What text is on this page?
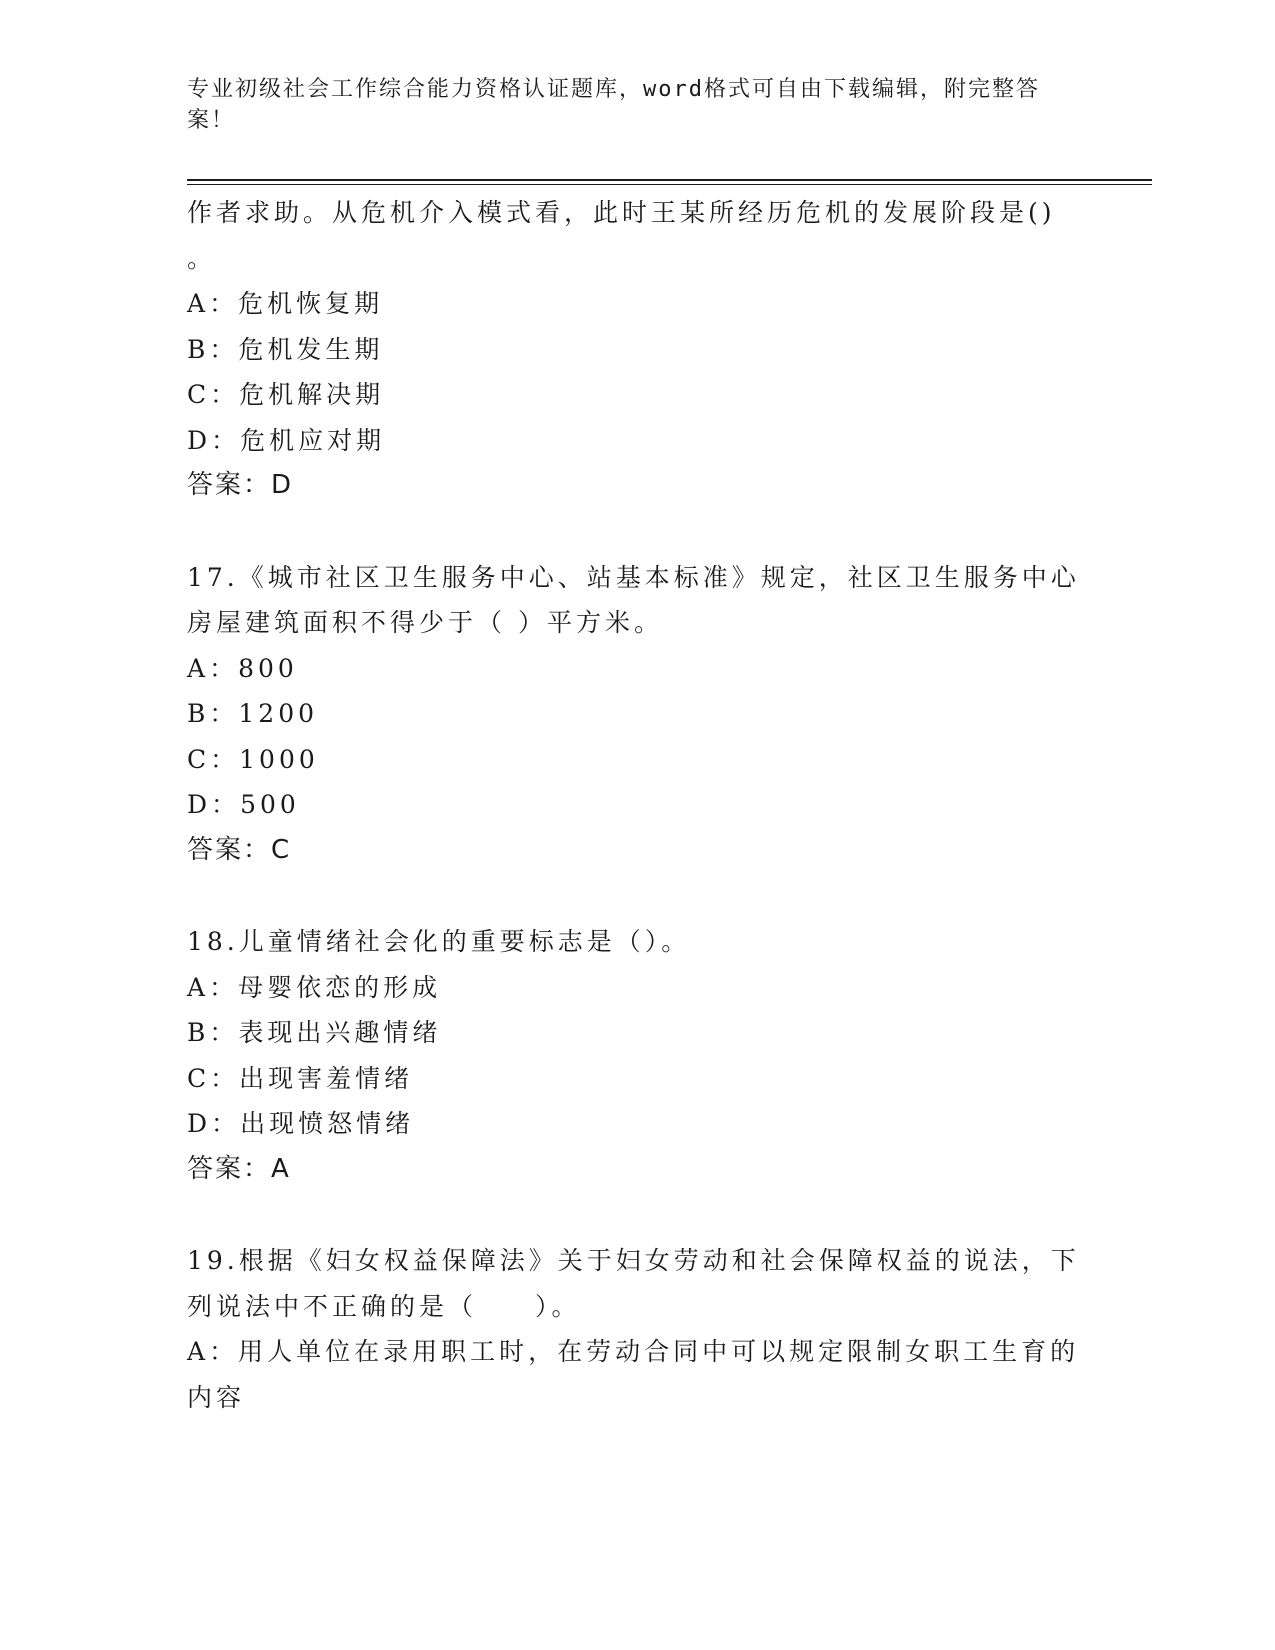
专业初级社会工作综合能力资格认证题库，word格式可自由下载编辑，附完整答案！
作者求助。从危机介入模式看，此时王某所经历危机的发展阶段是()
。
A：危机恢复期
B：危机发生期
C：危机解决期
D：危机应对期
答案：D
17.《城市社区卫生服务中心、站基本标准》规定，社区卫生服务中心
房屋建筑面积不得少于（ ）平方米。
A：800
B：1200
C：1000
D：500
答案：C
18.儿童情绪社会化的重要标志是（）。
A：母婴依恋的形成
B：表现出兴趣情绪
C：出现害羞情绪
D：出现愤怒情绪
答案：A
19.根据《妇女权益保障法》关于妇女劳动和社会保障权益的说法，下
列说法中不正确的是（　　）。
A：用人单位在录用职工时，在劳动合同中可以规定限制女职工生育的
内容
